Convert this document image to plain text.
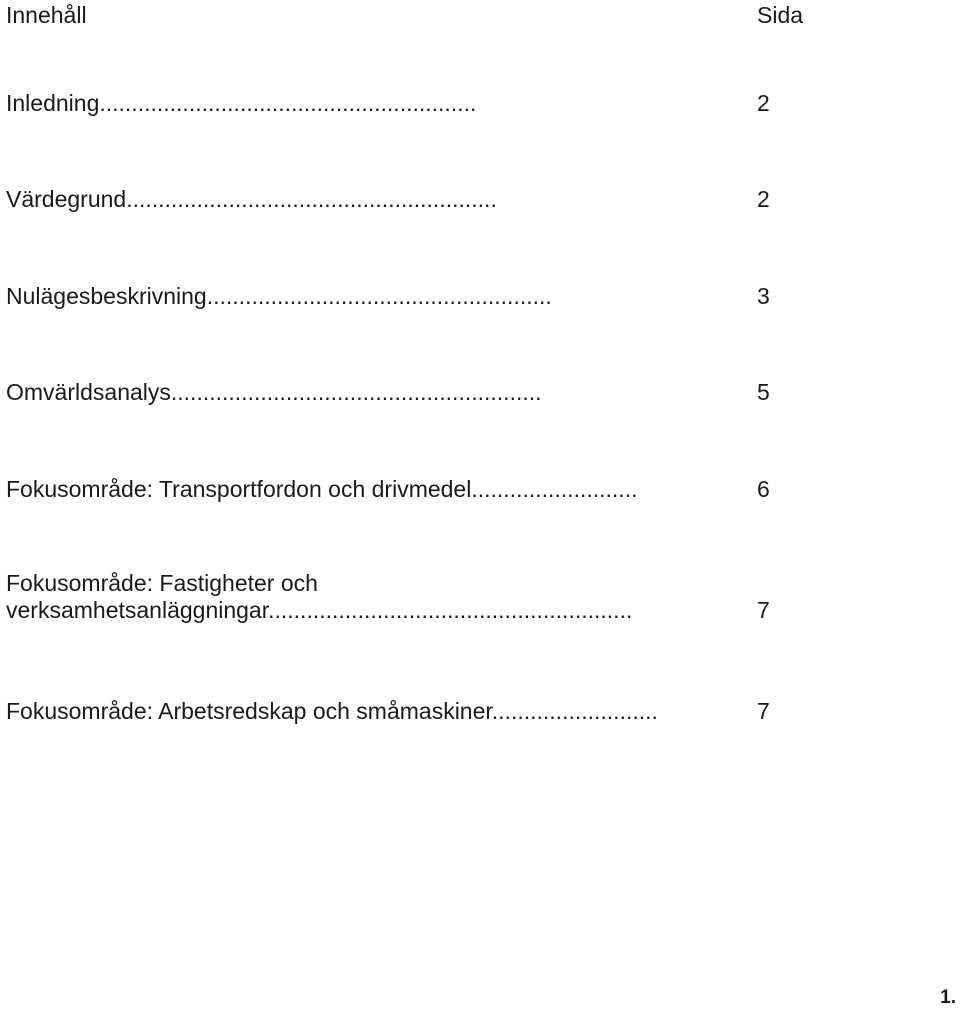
Innehåll	Sida
Inledning...........................................................	2
Värdegrund..........................................................	2
Nulägesbeskrivning......................................................	3
Omvärldsanalys..........................................................	5
Fokusområde: Transportfordon och drivmedel..........................	6
Fokusområde: Fastigheter och
verksamhetsanläggningar.........................................................	7
Fokusområde: Arbetsredskap och småmaskiner..........................	7
1.
